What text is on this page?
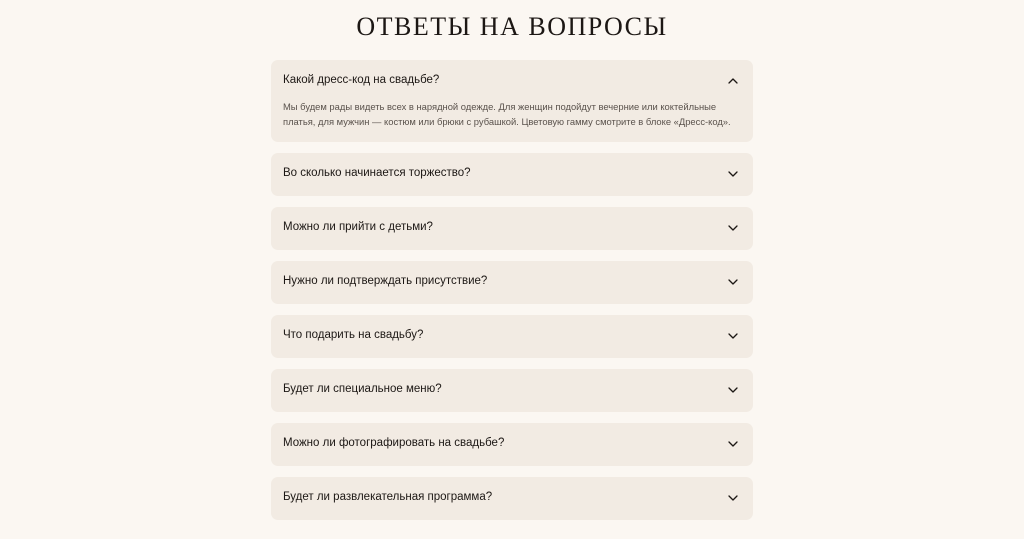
ОТВЕТЫ НА ВОПРОСЫ
Какой дресс-код на свадьбе?

Мы будем рады видеть всех в нарядной одежде. Для женщин подойдут вечерние или коктейльные платья, для мужчин — костюм или брюки с рубашкой. Цветовую гамму смотрите в блоке «Дресс-код».

Во сколько начинается торжество?
Можно ли прийти с детьми?
Нужно ли подтверждать присутствие?
Что подарить на свадьбу?
Будет ли специальное меню?
Можно ли фотографировать на свадьбе?
Будет ли развлекательная программа?
